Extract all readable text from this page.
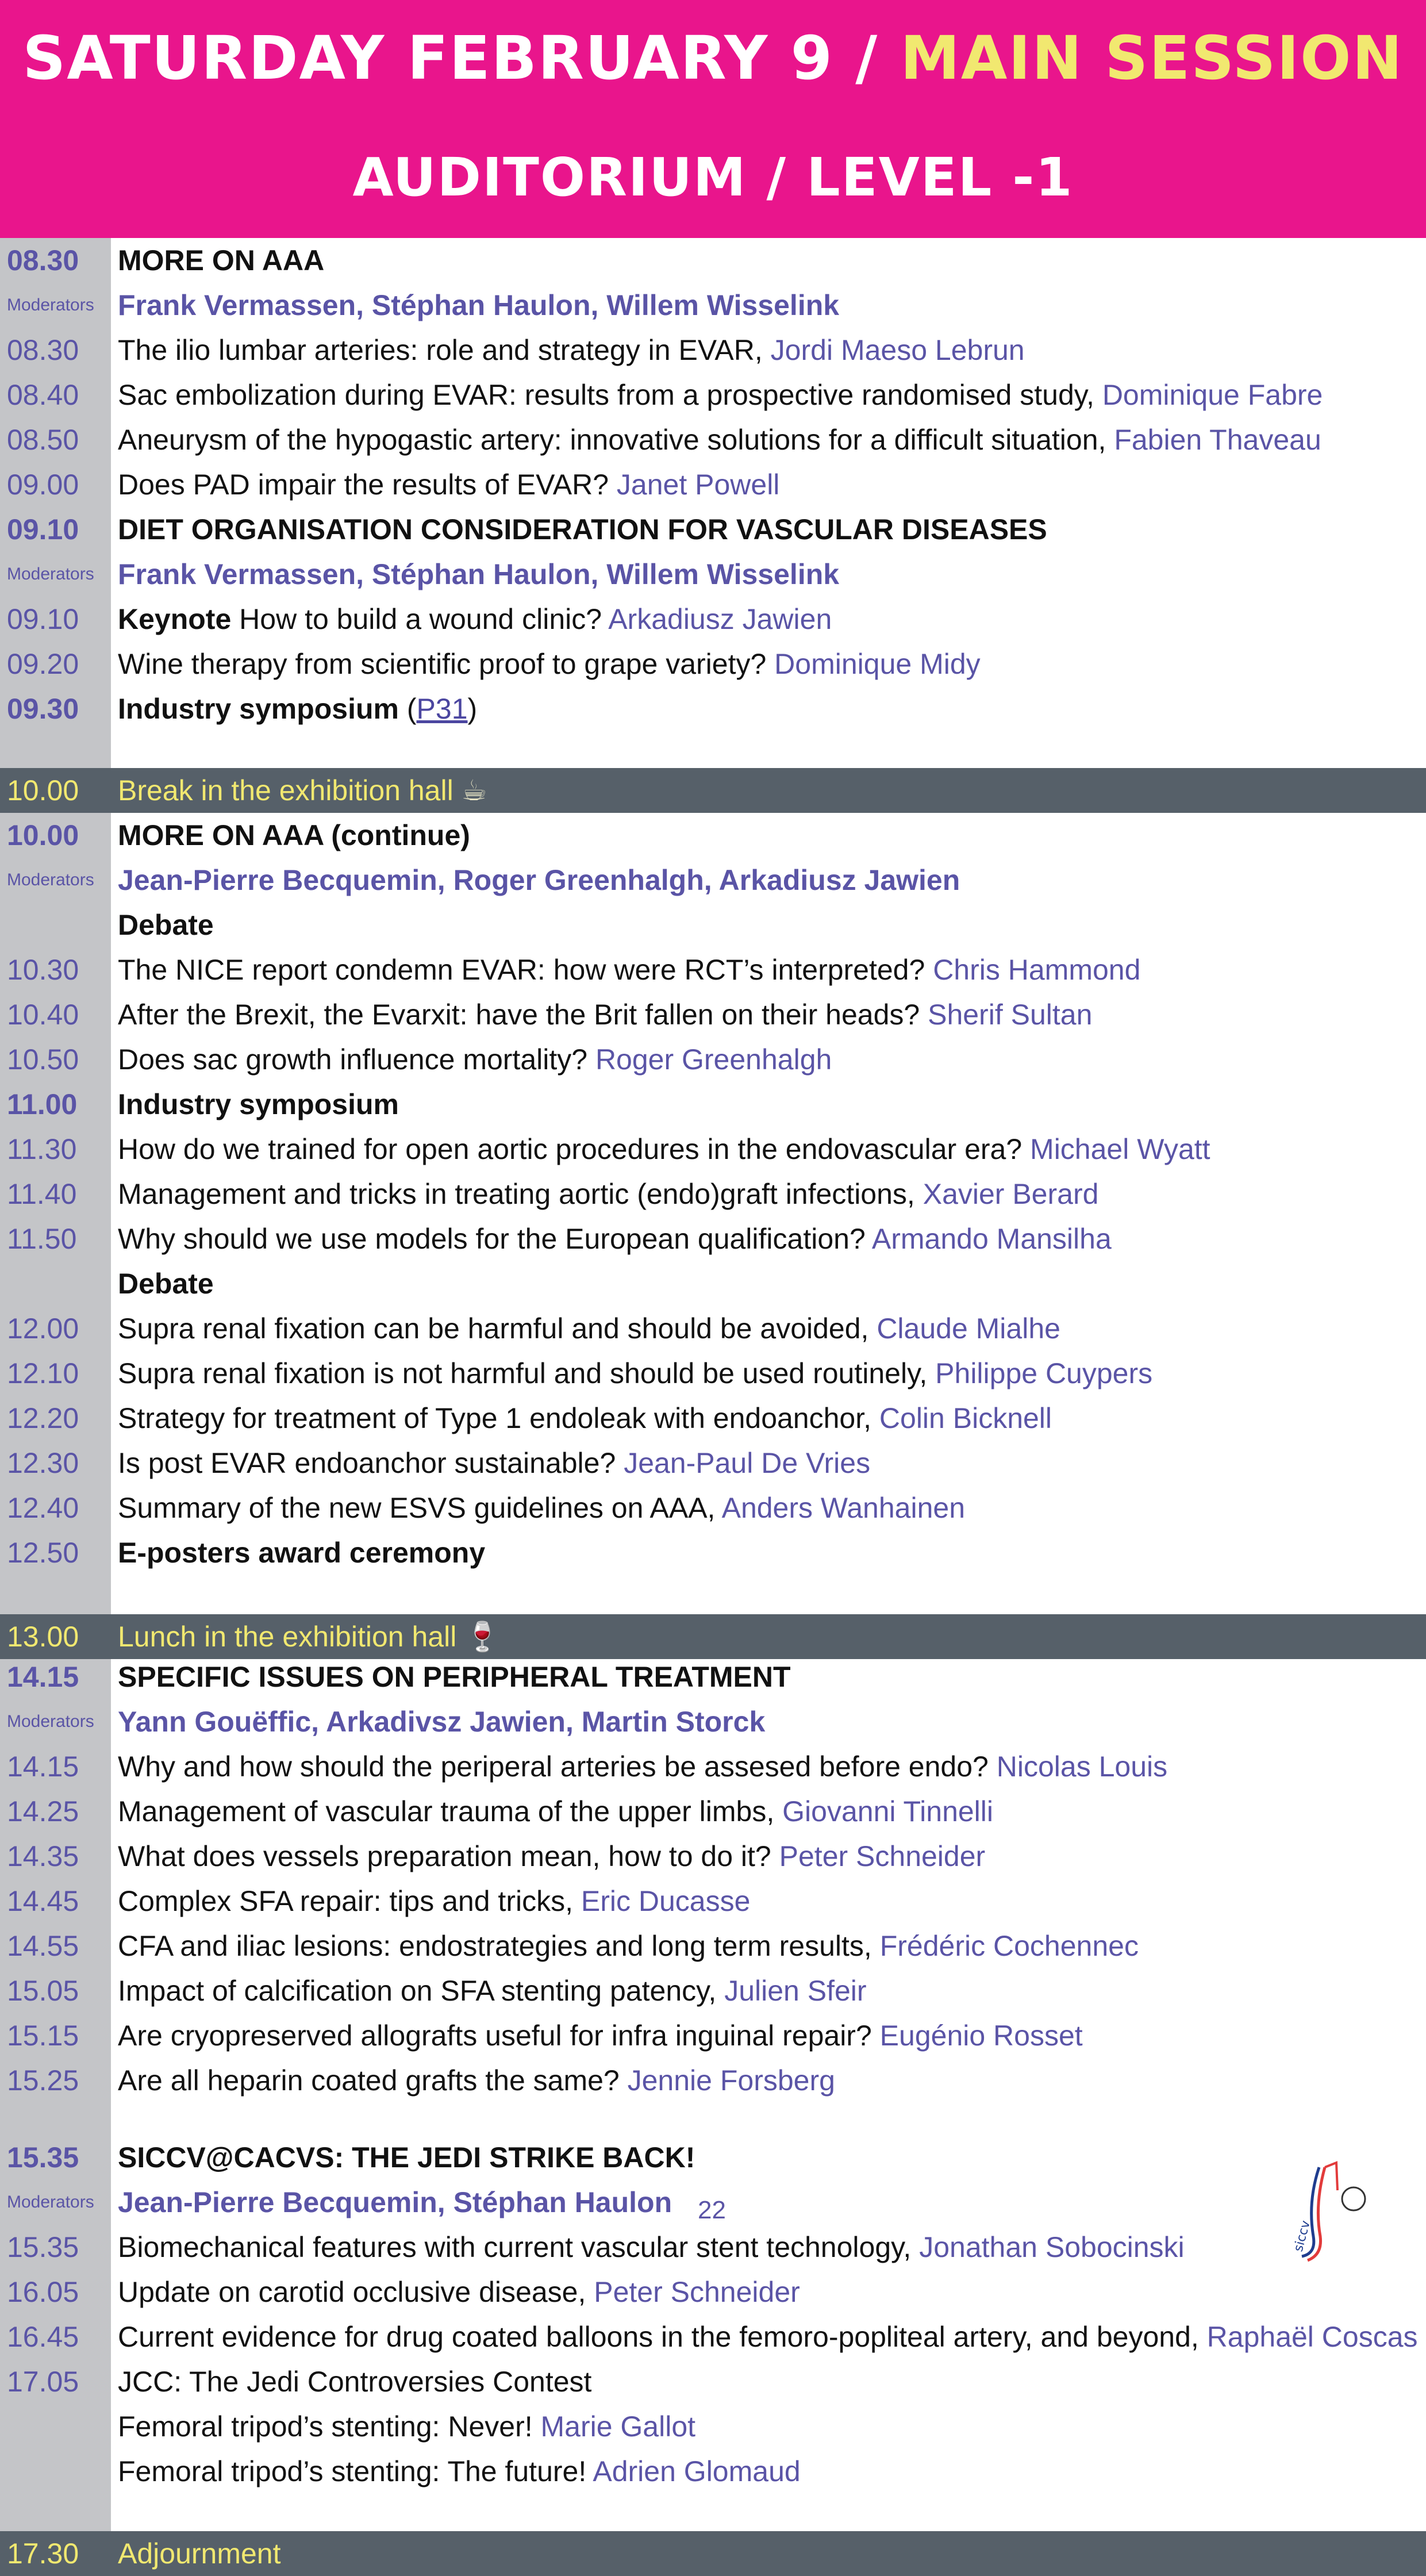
SATURDAY FEBRUARY 9 / MAIN SESSION
AUDITORIUM / LEVEL -1
08.30 MORE ON AAA
Moderators Frank Vermassen, Stéphan Haulon, Willem Wisselink
08.30 The ilio lumbar arteries: role and strategy in EVAR, Jordi Maeso Lebrun
08.40 Sac embolization during EVAR: results from a prospective randomised study, Dominique Fabre
08.50 Aneurysm of the hypogastic artery: innovative solutions for a difficult situation, Fabien Thaveau
09.00 Does PAD impair the results of EVAR? Janet Powell
09.10 DIET ORGANISATION CONSIDERATION FOR VASCULAR DISEASES
Moderators Frank Vermassen, Stéphan Haulon, Willem Wisselink
09.10 Keynote How to build a wound clinic? Arkadiusz Jawien
09.20 Wine therapy from scientific proof to grape variety? Dominique Midy
09.30 Industry symposium (P31)
10.00 Break in the exhibition hall ☕
10.00 MORE ON AAA (continue)
Moderators Jean-Pierre Becquemin, Roger Greenhalgh, Arkadiusz Jawien
Debate
10.30 The NICE report condemn EVAR: how were RCT’s interpreted? Chris Hammond
10.40 After the Brexit, the Evarxit: have the Brit fallen on their heads? Sherif Sultan
10.50 Does sac growth influence mortality? Roger Greenhalgh
11.00 Industry symposium
11.30 How do we trained for open aortic procedures in the endovascular era? Michael Wyatt
11.40 Management and tricks in treating aortic (endo)graft infections, Xavier Berard
11.50 Why should we use models for the European qualification? Armando Mansilha
Debate
12.00 Supra renal fixation can be harmful and should be avoided, Claude Mialhe
12.10 Supra renal fixation is not harmful and should be used routinely, Philippe Cuypers
12.20 Strategy for treatment of Type 1 endoleak with endoanchor, Colin Bicknell
12.30 Is post EVAR endoanchor sustainable? Jean-Paul De Vries
12.40 Summary of the new ESVS guidelines on AAA, Anders Wanhainen
12.50 E-posters award ceremony
13.00 Lunch in the exhibition hall 🍷
14.15 SPECIFIC ISSUES ON PERIPHERAL TREATMENT
Moderators Yann Gouëffic, Arkadivsz Jawien, Martin Storck
14.15 Why and how should the periperal arteries be assesed before endo? Nicolas Louis
14.25 Management of vascular trauma of the upper limbs, Giovanni Tinnelli
14.35 What does vessels preparation mean, how to do it? Peter Schneider
14.45 Complex SFA repair: tips and tricks, Eric Ducasse
14.55 CFA and iliac lesions: endostrategies and long term results, Frédéric Cochennec
15.05 Impact of calcification on SFA stenting patency, Julien Sfeir
15.15 Are cryopreserved allografts useful for infra inguinal repair? Eugénio Rosset
15.25 Are all heparin coated grafts the same? Jennie Forsberg
15.35 SICCV@CACVS: THE JEDI STRIKE BACK!
Moderators Jean-Pierre Becquemin, Stéphan Haulon
15.35 Biomechanical features with current vascular stent technology, Jonathan Sobocinski
16.05 Update on carotid occlusive disease, Peter Schneider
16.45 Current evidence for drug coated balloons in the femoro-popliteal artery, and beyond, Raphaël Coscas
17.05 JCC: The Jedi Controversies Contest
Femoral tripod’s stenting: Never! Marie Gallot
Femoral tripod’s stenting: The future! Adrien Glomaud
17.30 Adjournment
22
siccv
